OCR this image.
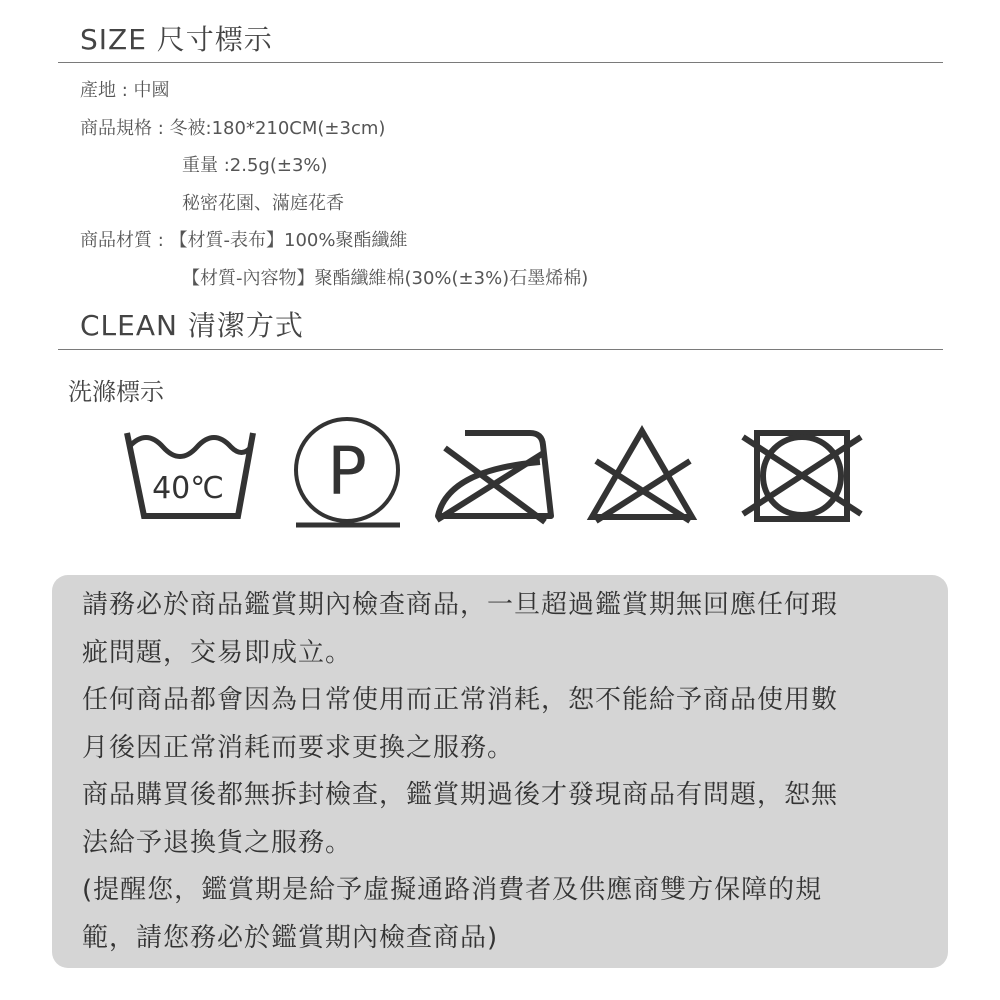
SIZE 尺寸標示
產地 : 中國
商品規格 : 冬被:180*210CM(±3cm)
重量 :2.5g(±3%)
秘密花園、滿庭花香
商品材質 : 【材質-表布】100%聚酯纖維
【材質-內容物】聚酯纖維棉(30%(±3%)石墨烯棉)
CLEAN 清潔方式
洗滌標示
40℃ P
請務必於商品鑑賞期內檢查商品，一旦超過鑑賞期無回應任何瑕
疵問題，交易即成立。
任何商品都會因為日常使用而正常消耗，恕不能給予商品使用數
月後因正常消耗而要求更換之服務。
商品購買後都無拆封檢查，鑑賞期過後才發現商品有問題，恕無
法給予退換貨之服務。
(提醒您，鑑賞期是給予虛擬通路消費者及供應商雙方保障的規
範，請您務必於鑑賞期內檢查商品)
